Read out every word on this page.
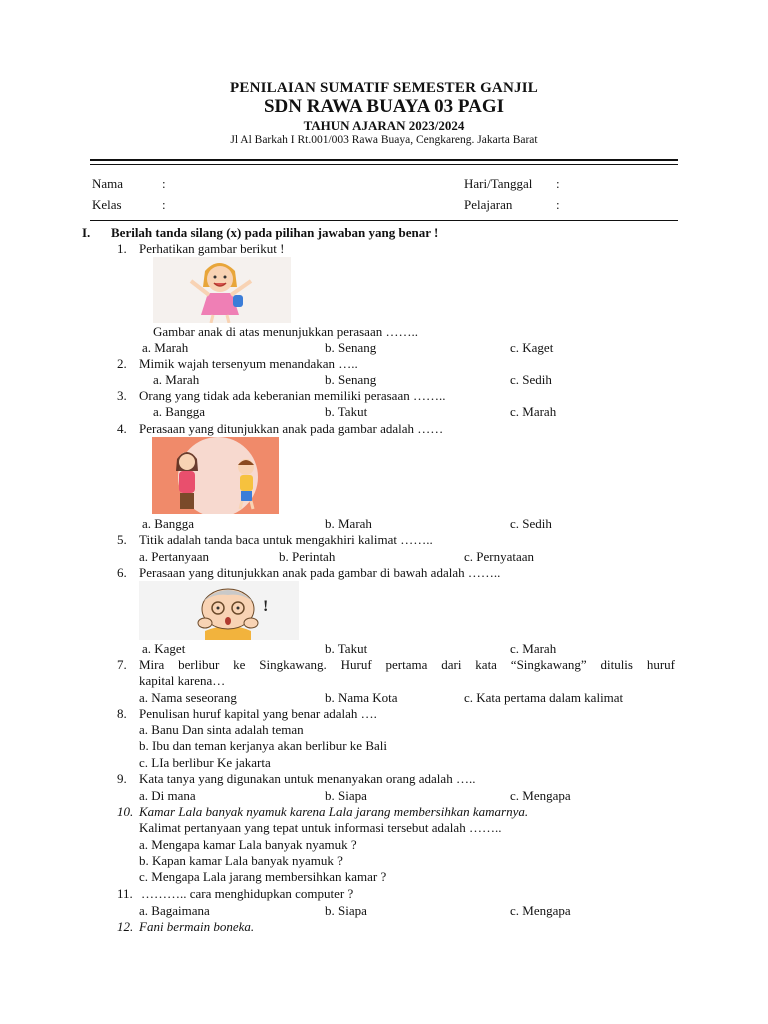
PENILAIAN SUMATIF SEMESTER GANJIL
SDN RAWA BUAYA 03 PAGI
TAHUN AJARAN 2023/2024
Jl Al Barkah I Rt.001/003 Rawa Buaya, Cengkareng. Jakarta Barat
Nama	:
Kelas	:
Hari/Tanggal :
Pelajaran	:
I. Berilah tanda silang (x) pada pilihan jawaban yang benar !
1. Perhatikan gambar berikut !
Gambar anak di atas menunjukkan perasaan ……..
a. Marah	b. Senang	c. Kaget
2. Mimik wajah tersenyum menandakan …..
a. Marah	b. Senang	c. Sedih
3. Orang yang tidak ada keberanian memiliki perasaan ……..
a. Bangga	b. Takut	c. Marah
4. Perasaan yang ditunjukkan anak pada gambar adalah ……
a. Bangga	b. Marah	c. Sedih
5. Titik adalah tanda baca untuk mengakhiri kalimat ……..
a. Pertanyaan	b. Perintah	c. Pernyataan
6. Perasaan yang ditunjukkan anak pada gambar di bawah adalah ……..
!
a. Kaget	b. Takut	c. Marah
7. Mira berlibur ke Singkawang. Huruf pertama dari kata “Singkawang” ditulis huruf
kapital karena…
a. Nama seseorang	b. Nama Kota	c. Kata pertama dalam kalimat
8. Penulisan huruf kapital yang benar adalah ….
a. Banu Dan sinta adalah teman
b. Ibu dan teman kerjanya akan berlibur ke Bali
c. LIa berlibur Ke jakarta
9. Kata tanya yang digunakan untuk menanyakan orang adalah …..
a. Di mana	b. Siapa	c. Mengapa
10. Kamar Lala banyak nyamuk karena Lala jarang membersihkan kamarnya.
Kalimat pertanyaan yang tepat untuk informasi tersebut adalah ……..
a. Mengapa kamar Lala banyak nyamuk ?
b. Kapan kamar Lala banyak nyamuk ?
c. Mengapa Lala jarang membersihkan kamar ?
11. ……….. cara menghidupkan computer ?
a. Bagaimana	b. Siapa	c. Mengapa
12. Fani bermain boneka.
